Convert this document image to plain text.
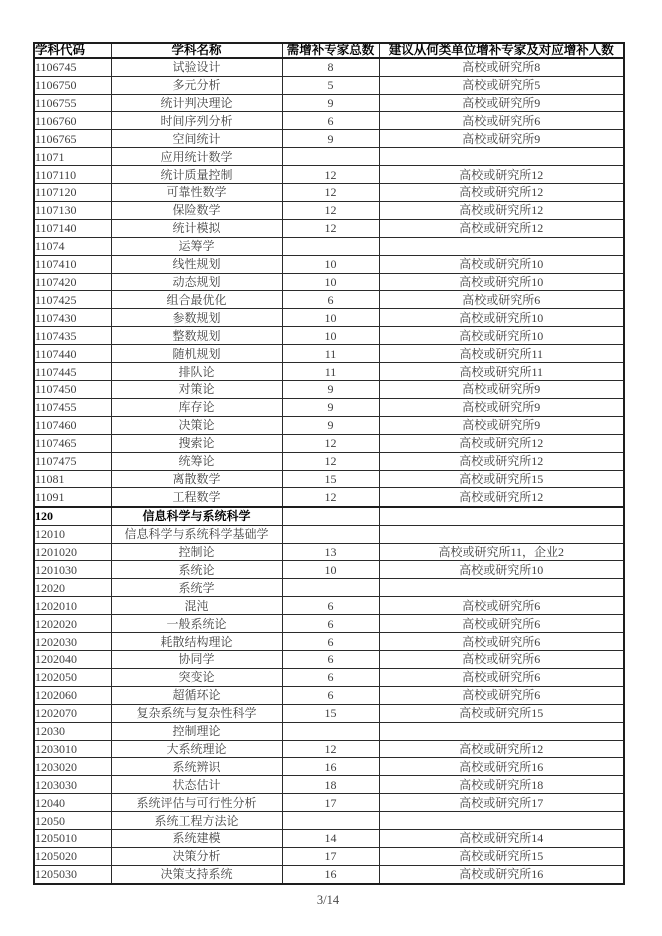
学科代码	学科名称	需增补专家总数	建议从何类单位增补专家及对应增补人数
1106745	试验设计	8	高校或研究所8
1106750	多元分析	5	高校或研究所5
1106755	统计判决理论	9	高校或研究所9
1106760	时间序列分析	6	高校或研究所6
1106765	空间统计	9	高校或研究所9
11071	应用统计数学		
1107110	统计质量控制	12	高校或研究所12
1107120	可靠性数学	12	高校或研究所12
1107130	保险数学	12	高校或研究所12
1107140	统计模拟	12	高校或研究所12
11074	运筹学		
1107410	线性规划	10	高校或研究所10
1107420	动态规划	10	高校或研究所10
1107425	组合最优化	6	高校或研究所6
1107430	参数规划	10	高校或研究所10
1107435	整数规划	10	高校或研究所10
1107440	随机规划	11	高校或研究所11
1107445	排队论	11	高校或研究所11
1107450	对策论	9	高校或研究所9
1107455	库存论	9	高校或研究所9
1107460	决策论	9	高校或研究所9
1107465	搜索论	12	高校或研究所12
1107475	统筹论	12	高校或研究所12
11081	离散数学	15	高校或研究所15
11091	工程数学	12	高校或研究所12
120	信息科学与系统科学		
12010	信息科学与系统科学基础学		
1201020	控制论	13	高校或研究所11，企业2
1201030	系统论	10	高校或研究所10
12020	系统学		
1202010	混沌	6	高校或研究所6
1202020	一般系统论	6	高校或研究所6
1202030	耗散结构理论	6	高校或研究所6
1202040	协同学	6	高校或研究所6
1202050	突变论	6	高校或研究所6
1202060	超循环论	6	高校或研究所6
1202070	复杂系统与复杂性科学	15	高校或研究所15
12030	控制理论		
1203010	大系统理论	12	高校或研究所12
1203020	系统辨识	16	高校或研究所16
1203030	状态估计	18	高校或研究所18
12040	系统评估与可行性分析	17	高校或研究所17
12050	系统工程方法论		
1205010	系统建模	14	高校或研究所14
1205020	决策分析	17	高校或研究所15
1205030	决策支持系统	16	高校或研究所16
3/14
